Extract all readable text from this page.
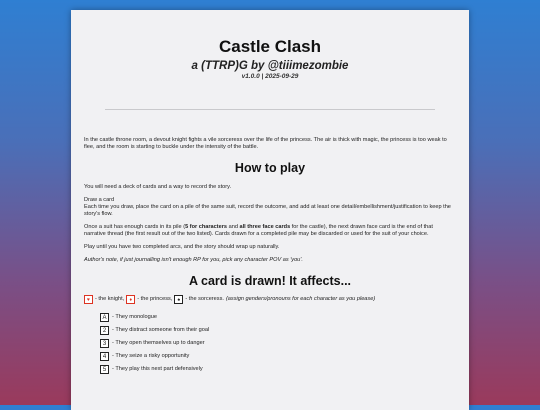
Castle Clash
a (TTRP)G by @tiiimezombie
v1.0.0 | 2025-09-29

In the castle throne room, a devout knight fights a vile sorceress over the life of the princess. The air is thick with magic, the princess is too weak to flee, and the room is starting to buckle under the intensity of the battle.

How to play

You will need a deck of cards and a way to record the story.

Draw a card

Each time you draw, place the card on a pile of the same suit, record the outcome, and add at least one detail/embellishment/justification to keep the story's flow.

Once a suit has enough cards in its pile (5 for characters and all three face cards for the castle), the next drawn face card is the end of that narrative thread (the first result out of the two listed). Cards drawn for a completed pile may be discarded or used for the suit of your choice.

Play until you have two completed arcs, and the story should wrap up naturally.

Author's note, if just journalling isn't enough RP for you, pick any character POV as 'you'.

A card is drawn! It affects...
♥ - the knight,	♦ - the princess,	♠ - the sorceress. (assign genders/pronouns for each character as you please)
A - They monologue
2	- They distract someone from their goal
3	- They open themselves up to danger
4	- They seize a risky opportunity
5	- They play this next part defensively
